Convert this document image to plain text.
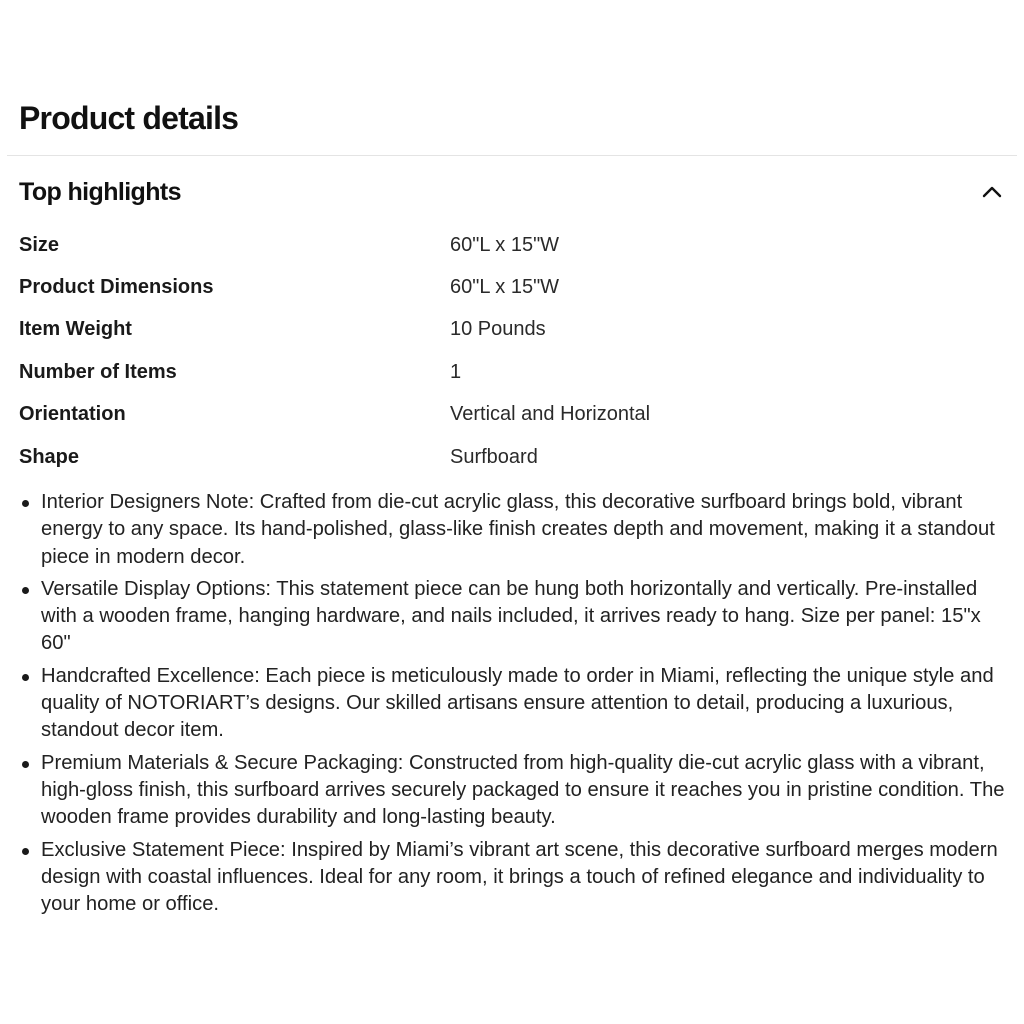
Product details
Top highlights
Size	60"L x 15"W
Product Dimensions	60"L x 15"W
Item Weight	10 Pounds
Number of Items	1
Orientation	Vertical and Horizontal
Shape	Surfboard
Interior Designers Note: Crafted from die-cut acrylic glass, this decorative surfboard brings bold, vibrant energy to any space. Its hand-polished, glass-like finish creates depth and movement, making it a standout piece in modern decor.
Versatile Display Options: This statement piece can be hung both horizontally and vertically. Pre-installed with a wooden frame, hanging hardware, and nails included, it arrives ready to hang. Size per panel: 15"x 60"
Handcrafted Excellence: Each piece is meticulously made to order in Miami, reflecting the unique style and quality of NOTORIART’s designs. Our skilled artisans ensure attention to detail, producing a luxurious, standout decor item.
Premium Materials & Secure Packaging: Constructed from high-quality die-cut acrylic glass with a vibrant, high-gloss finish, this surfboard arrives securely packaged to ensure it reaches you in pristine condition. The wooden frame provides durability and long-lasting beauty.
Exclusive Statement Piece: Inspired by Miami’s vibrant art scene, this decorative surfboard merges modern design with coastal influences. Ideal for any room, it brings a touch of refined elegance and individuality to your home or office.
